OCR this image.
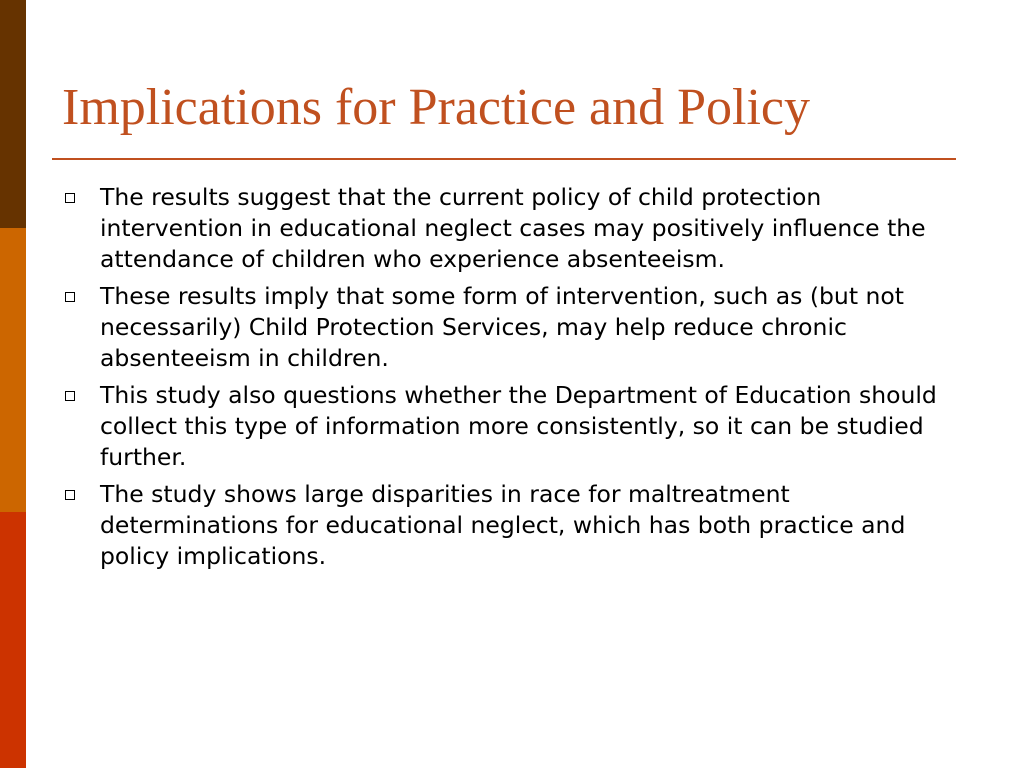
Implications for Practice and Policy
The results suggest that the current policy of child protection intervention in educational neglect cases may positively influence the attendance of children who experience absenteeism.
These results imply that some form of intervention, such as (but not necessarily) Child Protection Services, may help reduce chronic absenteeism in children.
This study also questions whether the Department of Education should collect this type of information more consistently, so it can be studied further.
The study shows large disparities in race for maltreatment determinations for educational neglect, which has both practice and policy implications.
